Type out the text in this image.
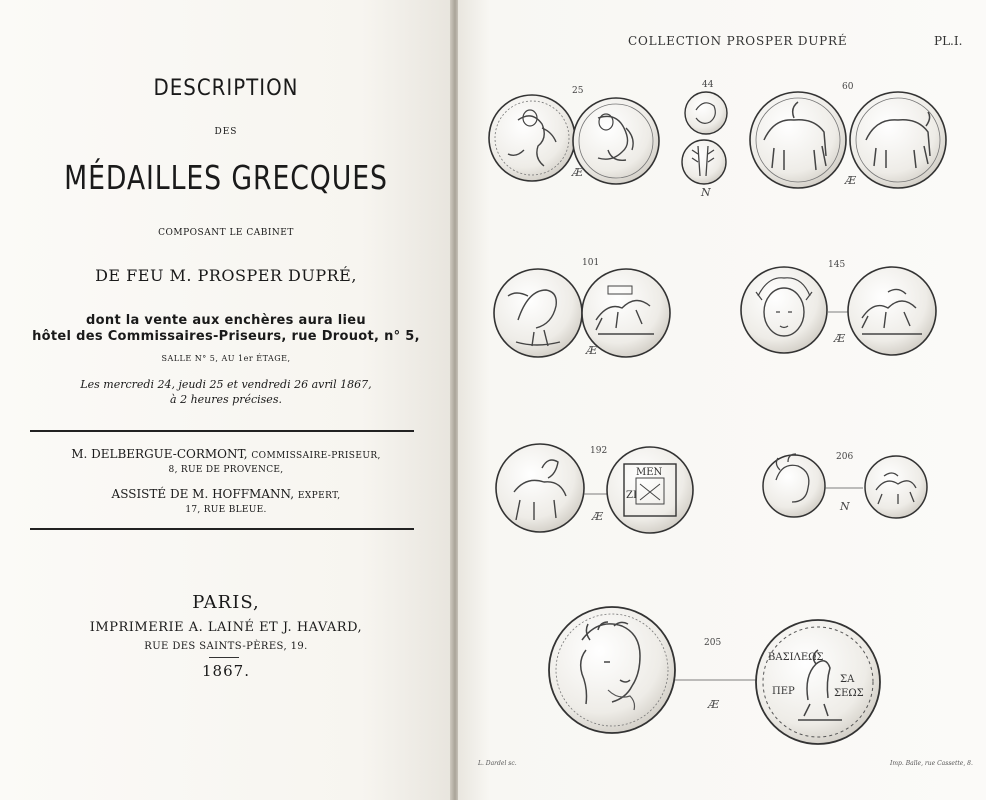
DESCRIPTION
DES
MÉDAILLES GRECQUES
COMPOSANT LE CABINET
DE FEU M. PROSPER DUPRÉ,
dont la vente aux enchères aura lieu
hôtel des Commissaires-Priseurs, rue Drouot, n° 5,
SALLE N° 5, AU 1er ÉTAGE,
Les mercredi 24, jeudi 25 et vendredi 26 avril 1867,
à 2 heures précises.
M. DELBERGUE-CORMONT, COMMISSAIRE-PRISEUR,
8, RUE DE PROVENCE,
ASSISTÉ DE M. HOFFMANN, EXPERT,
17, RUE BLEUE.
PARIS,
IMPRIMERIE A. LAINÉ ET J. HAVARD,
RUE DES SAINTS-PÈRES, 19.
1867.
COLLECTION PROSPER DUPRÉ	PL.I.
MEN
ΖΙ
ΒΑΣΙΛΕΩΣ
ΠΕΡ
ΣΑ
ΣΕΩΣ
25
Æ
44
N
60
Æ
101
Æ
145
Æ
192
Æ
206
N
205
Æ
L. Dardel sc.	Imp. Balle, rue Cassette, 8.
